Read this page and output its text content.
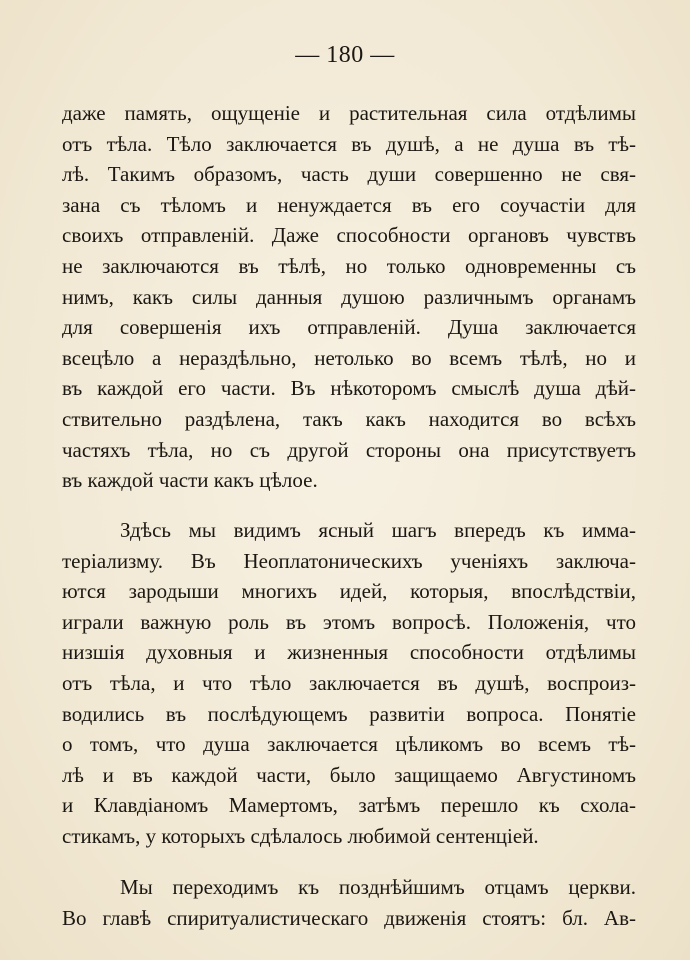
— 180 —
даже память, ощущеніе и растительная сила отдѣлимы
отъ тѣла. Тѣло заключается въ душѣ, а не душа въ тѣ-
лѣ. Такимъ образомъ, часть души совершенно не свя-
зана съ тѣломъ и ненуждается въ его соучастіи для
своихъ отправленій. Даже способности органовъ чувствъ
не заключаются въ тѣлѣ, но только одновременны съ
нимъ, какъ силы данныя душою различнымъ органамъ
для совершенія ихъ отправленій. Душа заключается
всецѣло а нераздѣльно, нетолько во всемъ тѣлѣ, но и
въ каждой его части. Въ нѣкоторомъ смыслѣ душа дѣй-
ствительно раздѣлена, такъ какъ находится во всѣхъ
частяхъ тѣла, но съ другой стороны она присутствуетъ
въ каждой части какъ цѣлое.
Здѣсь мы видимъ ясный шагъ впередъ къ имма-
теріализму. Въ Неоплатоническихъ ученіяхъ заключа-
ются зародыши многихъ идей, которыя, впослѣдствіи,
играли важную роль въ этомъ вопросѣ. Положенія, что
низшія духовныя и жизненныя способности отдѣлимы
отъ тѣла, и что тѣло заключается въ душѣ, воспроиз-
водились въ послѣдующемъ развитіи вопроса. Понятіе
о томъ, что душа заключается цѣликомъ во всемъ тѣ-
лѣ и въ каждой части, было защищаемо Августиномъ
и Клавдіаномъ Мамертомъ, затѣмъ перешло къ схола-
стикамъ, у которыхъ сдѣлалось любимой сентенціей.
Мы переходимъ къ позднѣйшимъ отцамъ церкви.
Во главѣ спиритуалистическаго движенія стоятъ: бл. Ав-
